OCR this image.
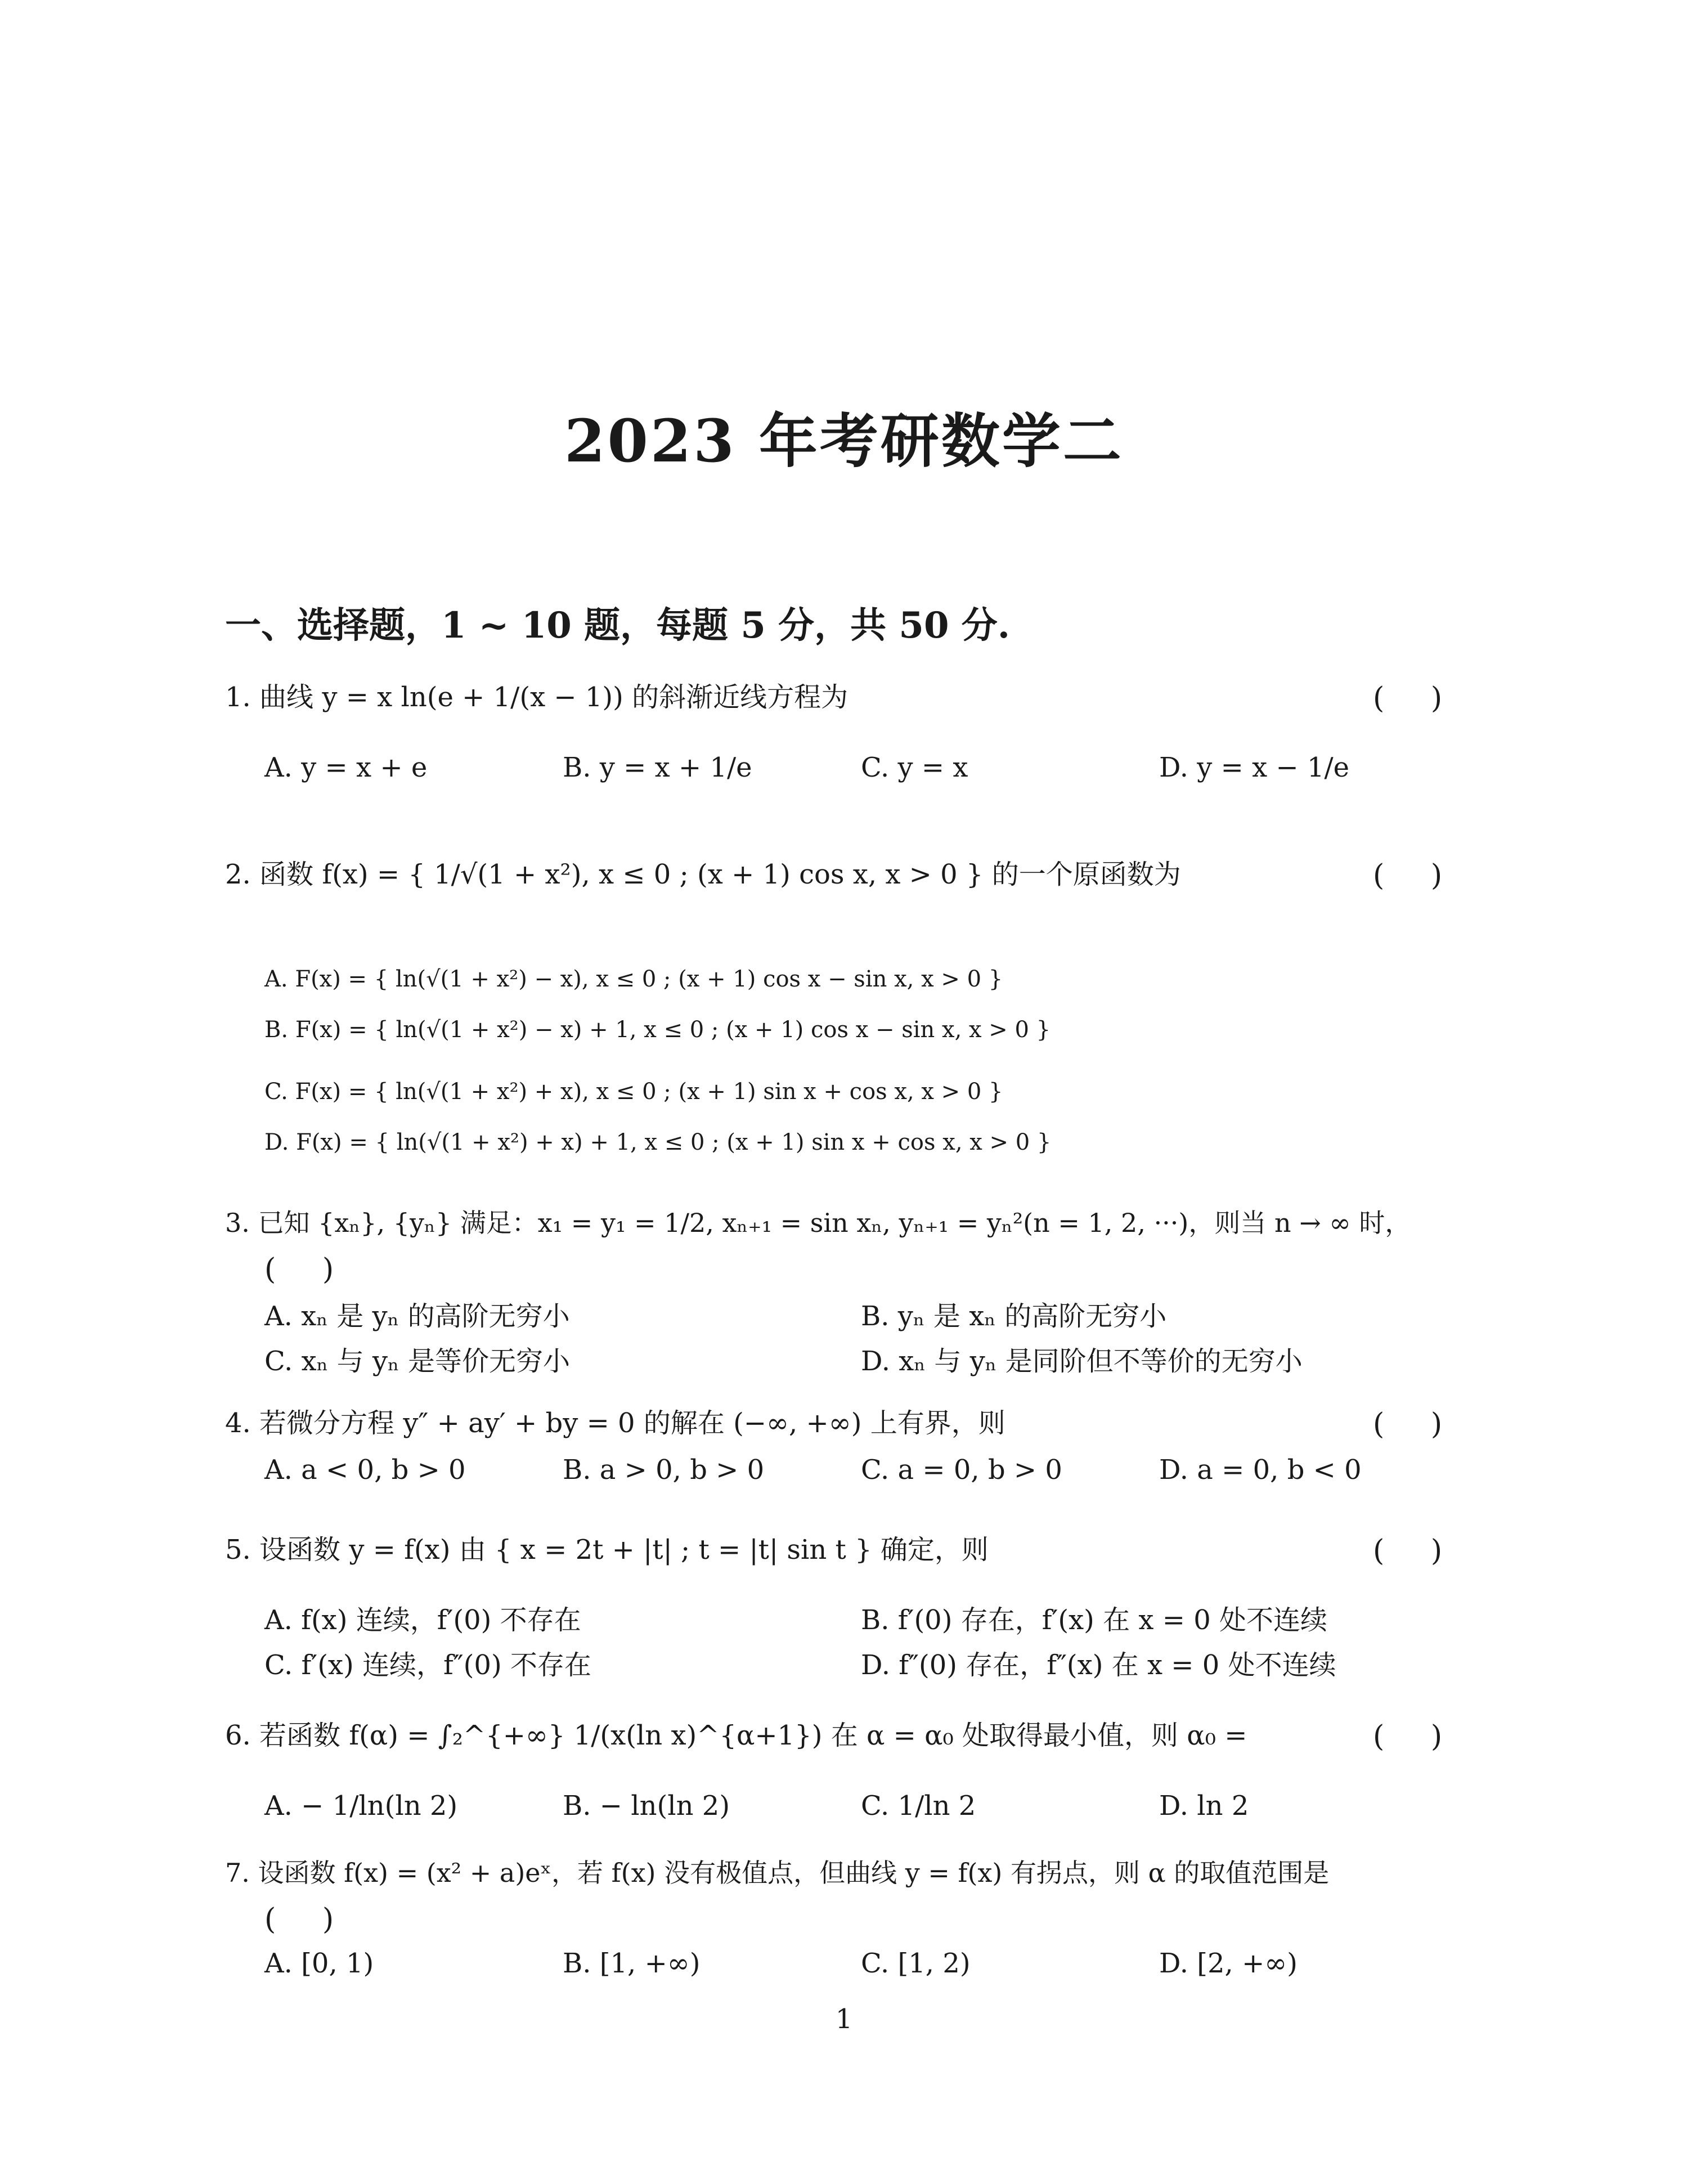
2023 年考研数学二
一、选择题，1 ~ 10 题，每题 5 分，共 50 分.
1. 曲线 y = x ln(e + 1/(x − 1)) 的斜渐近线方程为	(     )
A. y = x + e	B. y = x + 1/e	C. y = x	D. y = x − 1/e
2. 函数 f(x) = { 1/√(1 + x²), x ≤ 0 ; (x + 1) cos x, x > 0 } 的一个原函数为	(     )
A. F(x) = { ln(√(1 + x²) − x), x ≤ 0 ; (x + 1) cos x − sin x, x > 0 }
B. F(x) = { ln(√(1 + x²) − x) + 1, x ≤ 0 ; (x + 1) cos x − sin x, x > 0 }
C. F(x) = { ln(√(1 + x²) + x), x ≤ 0 ; (x + 1) sin x + cos x, x > 0 }
D. F(x) = { ln(√(1 + x²) + x) + 1, x ≤ 0 ; (x + 1) sin x + cos x, x > 0 }
3. 已知 {xₙ}, {yₙ} 满足：x₁ = y₁ = 1/2, xₙ₊₁ = sin xₙ, yₙ₊₁ = yₙ²(n = 1, 2, ···)，则当 n → ∞ 时，
(     )
A. xₙ 是 yₙ 的高阶无穷小	B. yₙ 是 xₙ 的高阶无穷小
C. xₙ 与 yₙ 是等价无穷小	D. xₙ 与 yₙ 是同阶但不等价的无穷小
4. 若微分方程 y″ + ay′ + by = 0 的解在 (−∞, +∞) 上有界，则	(     )
A. a < 0, b > 0	B. a > 0, b > 0	C. a = 0, b > 0	D. a = 0, b < 0
5. 设函数 y = f(x) 由 { x = 2t + |t| ; t = |t| sin t } 确定，则	(     )
A. f(x) 连续，f′(0) 不存在	B. f′(0) 存在，f′(x) 在 x = 0 处不连续
C. f′(x) 连续，f″(0) 不存在	D. f″(0) 存在，f″(x) 在 x = 0 处不连续
6. 若函数 f(α) = ∫₂^{+∞} 1/(x(ln x)^{α+1}) 在 α = α₀ 处取得最小值，则 α₀ =	(     )
A. − 1/ln(ln 2)	B. − ln(ln 2)	C. 1/ln 2	D. ln 2
7. 设函数 f(x) = (x² + a)eˣ，若 f(x) 没有极值点，但曲线 y = f(x) 有拐点，则 α 的取值范围是
(     )
A. [0, 1)	B. [1, +∞)	C. [1, 2)	D. [2, +∞)
1
